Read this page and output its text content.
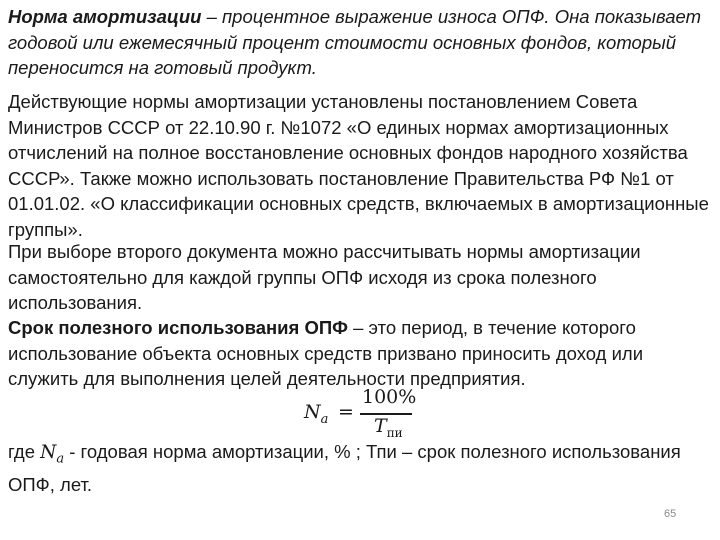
Норма амортизации – процентное выражение износа ОПФ. Она показывает годовой или ежемесячный процент стоимости основных фондов, который переносится на готовый продукт.

Действующие нормы амортизации установлены постановлением Совета Министров СССР от 22.10.90 г. №1072 «О единых нормах амортизационных отчислений на полное восстановление основных фондов народного хозяйства СССР». Также можно использовать постановление Правительства РФ №1 от 01.01.02. «О классификации основных средств, включаемых в амортизационные группы».

При выборе второго документа можно рассчитывать нормы амортизации самостоятельно для каждой группы ОПФ исходя из срока полезного использования.

Срок полезного использования ОПФ – это период, в течение которого использование объекта основных средств призвано приносить доход или служить для выполнения целей деятельности предприятия.

$N_a$ =
100%
$T_{пи}$

где $N_a$ - годовая норма амортизации, % ; Тпи – срок полезного использования ОПФ, лет.

65
